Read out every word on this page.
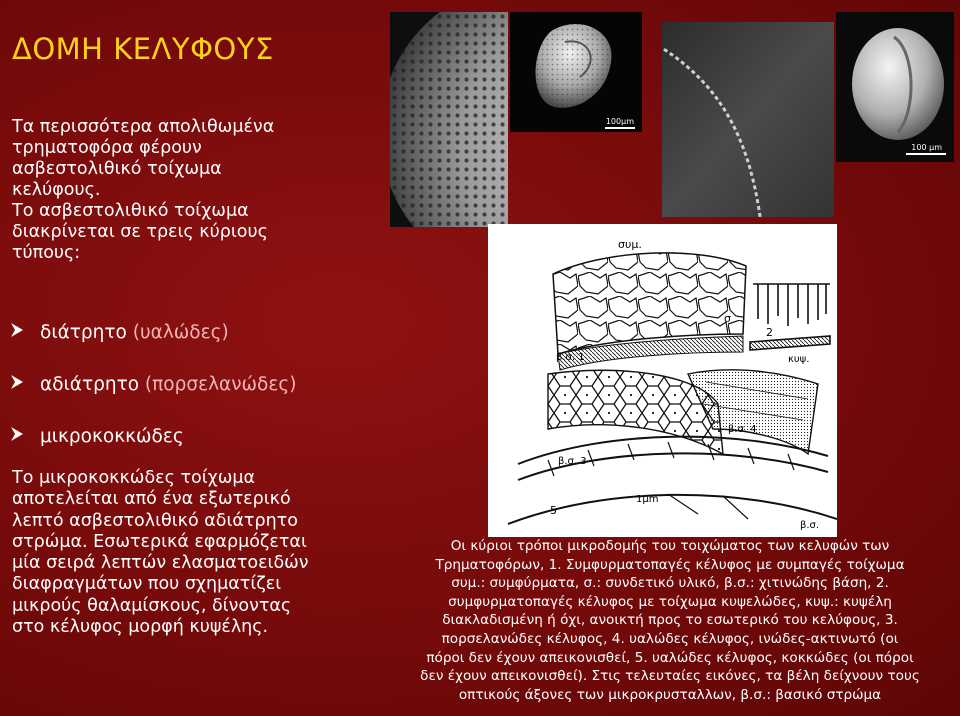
ΔΟΜΗ ΚΕΛΥΦΟΥΣ
Τα περισσότερα απολιθωμένα
τρηματοφόρα φέρουν
ασβεστολιθικό τοίχωμα
κελύφους.
Το ασβεστολιθικό τοίχωμα
διακρίνεται σε τρεις κύριους
τύπους:
διάτρητο
(υαλώδες)
αδιάτρητο
(πορσελανώδες)
μικροκοκκώδες
Το μικροκοκκώδες τοίχωμα
αποτελείται από ένα εξωτερικό
λεπτό ασβεστολιθικό αδιάτρητο
στρώμα. Εσωτερικά εφαρμόζεται
μία σειρά λεπτών ελασματοειδών
διαφραγμάτων που σχηματίζει
μικρούς θαλαμίσκους, δίνοντας
στο κέλυφος μορφή κυψέλης.
100µm
100 µm
συμ.
σ
2
β.σ. 1
β.σ. 4
β.σ. 3
κυψ.
5
1µm
β.σ.
Οι κύριοι τρόποι μικροδομής του τοιχώματος των κελυφών των
Τρηματοφόρων, 1. Συμφυρματοπαγές κέλυφος με συμπαγές τοίχωμα
συμ.: συμφύρματα, σ.: συνδετικό υλικό, β.σ.: χιτινώδης βάση, 2.
συμφυρματοπαγές κέλυφος με τοίχωμα κυψελώδες, κυψ.: κυψέλη
διακλαδισμένη ή όχι, ανοικτή προς το εσωτερικό του κελύφους, 3.
πορσελανώδες κέλυφος, 4. υαλώδες κέλυφος, ινώδες-ακτινωτό (οι
πόροι δεν έχουν απεικονισθεί, 5. υαλώδες κέλυφος, κοκκώδες (οι πόροι
δεν έχουν απεικονισθεί). Στις τελευταίες εικόνες, τα βέλη δείχνουν τους
οπτικούς άξονες των μικροκρυσταλλων, β.σ.: βασικό στρώμα
